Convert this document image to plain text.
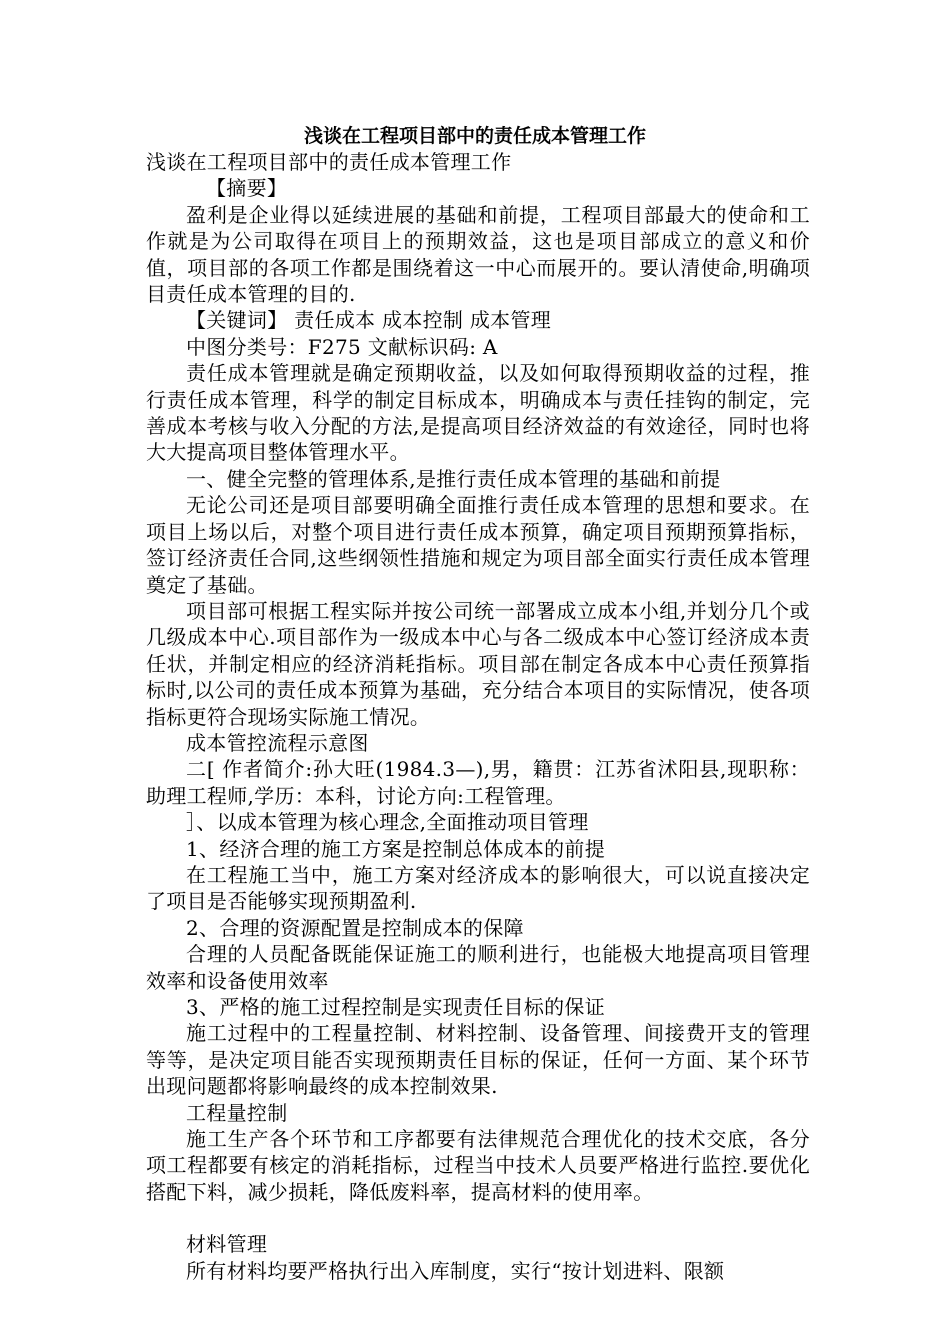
浅谈在工程项目部中的责任成本管理工作

浅谈在工程项目部中的责任成本管理工作

【摘要】

盈利是企业得以延续进展的基础和前提，工程项目部最大的使命和工作就是为公司取得在项目上的预期效益，这也是项目部成立的意义和价值，项目部的各项工作都是围绕着这一中心而展开的。要认清使命,明确项目责任成本管理的目的.

【关键词】 责任成本 成本控制 成本管理

中图分类号：F275 文献标识码: A

责任成本管理就是确定预期收益，以及如何取得预期收益的过程，推行责任成本管理，科学的制定目标成本，明确成本与责任挂钩的制定，完善成本考核与收入分配的方法,是提高项目经济效益的有效途径，同时也将大大提高项目整体管理水平。

一、健全完整的管理体系,是推行责任成本管理的基础和前提

无论公司还是项目部要明确全面推行责任成本管理的思想和要求。在项目上场以后，对整个项目进行责任成本预算，确定项目预期预算指标，签订经济责任合同,这些纲领性措施和规定为项目部全面实行责任成本管理奠定了基础。

项目部可根据工程实际并按公司统一部署成立成本小组,并划分几个或几级成本中心.项目部作为一级成本中心与各二级成本中心签订经济成本责任状，并制定相应的经济消耗指标。项目部在制定各成本中心责任预算指标时,以公司的责任成本预算为基础，充分结合本项目的实际情况，使各项指标更符合现场实际施工情况。

成本管控流程示意图

二[ 作者简介:孙大旺(1984.3—),男，籍贯：江苏省沭阳县,现职称：助理工程师,学历：本科，讨论方向:工程管理。

］、以成本管理为核心理念,全面推动项目管理

1、经济合理的施工方案是控制总体成本的前提

在工程施工当中，施工方案对经济成本的影响很大，可以说直接决定了项目是否能够实现预期盈利.

2、合理的资源配置是控制成本的保障

合理的人员配备既能保证施工的顺利进行，也能极大地提高项目管理效率和设备使用效率

3、严格的施工过程控制是实现责任目标的保证

施工过程中的工程量控制、材料控制、设备管理、间接费开支的管理等等，是决定项目能否实现预期责任目标的保证，任何一方面、某个环节出现问题都将影响最终的成本控制效果.

工程量控制

施工生产各个环节和工序都要有法律规范合理优化的技术交底，各分项工程都要有核定的消耗指标，过程当中技术人员要严格进行监控.要优化搭配下料，减少损耗，降低废料率，提高材料的使用率。

材料管理

所有材料均要严格执行出入库制度，实行“按计划进料、限额
